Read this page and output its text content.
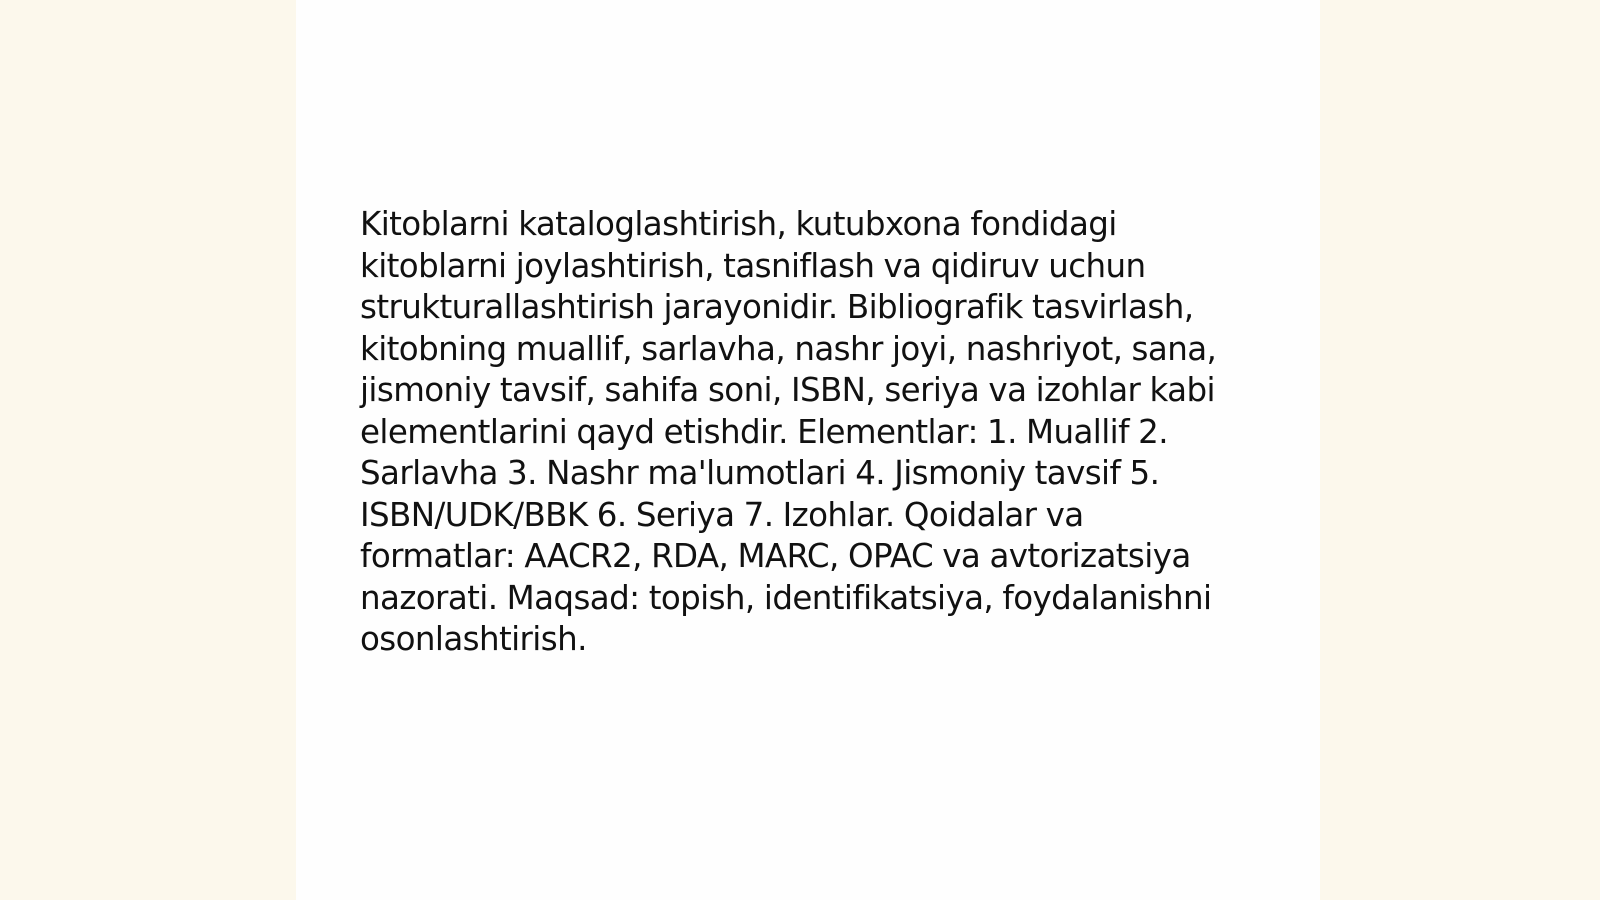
Kitoblarni kataloglashtirish, kutubxona fondidagi kitoblarni joylashtirish, tasniflash va qidiruv uchun strukturallashtirish jarayonidir. Bibliografik tasvirlash, kitobning muallif, sarlavha, nashr joyi, nashriyot, sana, jismoniy tavsif, sahifa soni, ISBN, seriya va izohlar kabi elementlarini qayd etishdir. Elementlar: 1. Muallif 2. Sarlavha 3. Nashr ma'lumotlari 4. Jismoniy tavsif 5. ISBN/UDK/BBK 6. Seriya 7. Izohlar. Qoidalar va formatlar: AACR2, RDA, MARC, OPAC va avtorizatsiya nazorati. Maqsad: topish, identifikatsiya, foydalanishni osonlashtirish.
